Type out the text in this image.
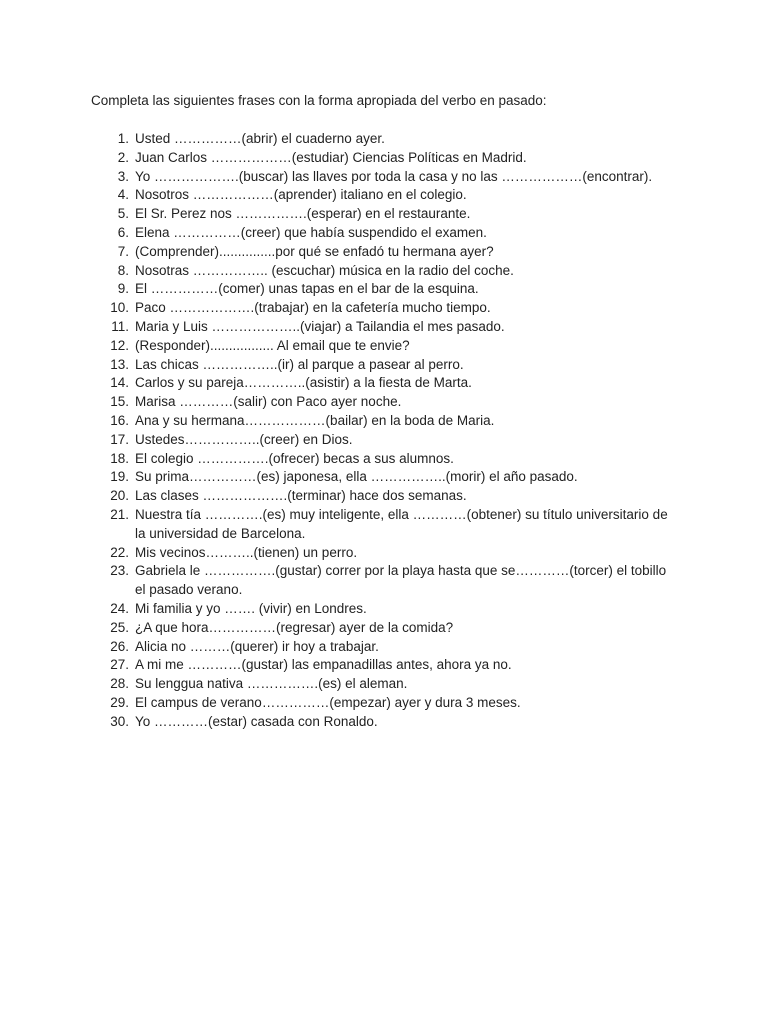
Completa las siguientes frases con la forma apropiada del verbo en pasado:
1. Usted ……………(abrir) el cuaderno ayer.
2. Juan Carlos ………………(estudiar) Ciencias Políticas en Madrid.
3. Yo ……………….(buscar) las llaves por toda la casa y no las ………………(encontrar).
4. Nosotros ………………(aprender) italiano en el colegio.
5. El Sr. Perez nos …………….(esperar) en el restaurante.
6. Elena ……………(creer) que había suspendido el examen.
7. (Comprender)...............por qué se enfadó tu hermana ayer?
8. Nosotras …………….. (escuchar) música en la radio del coche.
9. El ……………(comer) unas tapas en el bar de la esquina.
10. Paco ……………….(trabajar) en la cafetería mucho tiempo.
11. Maria y Luis ………………..(viajar) a Tailandia el mes pasado.
12. (Responder)................. Al email que te envie?
13. Las chicas ……………..(ir) al parque a pasear al perro.
14. Carlos y su pareja…………..(asistir) a la fiesta de Marta.
15. Marisa …………(salir) con Paco ayer noche.
16. Ana y su hermana………………(bailar) en la boda de Maria.
17. Ustedes……………..(creer) en Dios.
18. El colegio …………….(ofrecer) becas a sus alumnos.
19. Su prima……………(es) japonesa, ella ……………..(morir) el año pasado.
20. Las clases ……………….(terminar) hace dos semanas.
21. Nuestra tía ………….(es) muy inteligente, ella …………(obtener) su título universitario de la universidad de Barcelona.
22. Mis vecinos………..(tienen) un perro.
23. Gabriela le …………….(gustar) correr por la playa hasta que se…………(torcer) el tobillo el pasado verano.
24. Mi familia y yo ……. (vivir) en Londres.
25. ¿A que hora……………(regresar) ayer de la comida?
26. Alicia no ………(querer) ir hoy a trabajar.
27. A mi me …………(gustar) las empanadillas antes, ahora ya no.
28. Su lenggua nativa …………….(es) el aleman.
29. El campus de verano……………(empezar) ayer y dura 3 meses.
30. Yo …………(estar) casada con Ronaldo.
